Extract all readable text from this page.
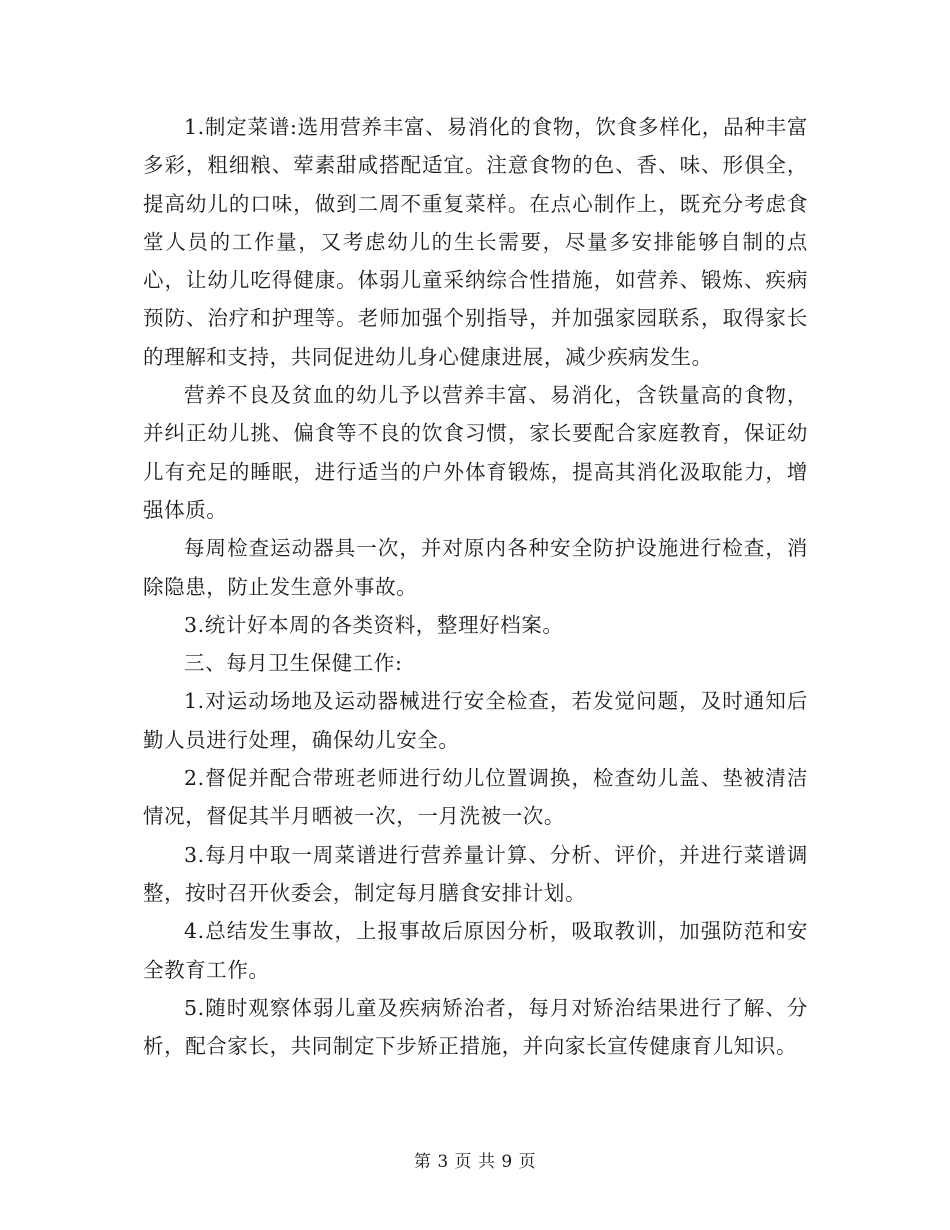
1.制定菜谱:选用营养丰富、易消化的食物，饮食多样化，品种丰富多彩，粗细粮、荤素甜咸搭配适宜。注意食物的色、香、味、形俱全，提高幼儿的口味，做到二周不重复菜样。在点心制作上，既充分考虑食堂人员的工作量，又考虑幼儿的生长需要，尽量多安排能够自制的点心，让幼儿吃得健康。体弱儿童采纳综合性措施，如营养、锻炼、疾病预防、治疗和护理等。老师加强个别指导，并加强家园联系，取得家长的理解和支持，共同促进幼儿身心健康进展，减少疾病发生。

营养不良及贫血的幼儿予以营养丰富、易消化，含铁量高的食物，并纠正幼儿挑、偏食等不良的饮食习惯，家长要配合家庭教育，保证幼儿有充足的睡眠，进行适当的户外体育锻炼，提高其消化汲取能力，增强体质。

每周检查运动器具一次，并对原内各种安全防护设施进行检查，消除隐患，防止发生意外事故。

3.统计好本周的各类资料，整理好档案。

三、每月卫生保健工作:

1.对运动场地及运动器械进行安全检查，若发觉问题，及时通知后勤人员进行处理，确保幼儿安全。

2.督促并配合带班老师进行幼儿位置调换，检查幼儿盖、垫被清洁情况，督促其半月晒被一次，一月洗被一次。

3.每月中取一周菜谱进行营养量计算、分析、评价，并进行菜谱调整，按时召开伙委会，制定每月膳食安排计划。

4.总结发生事故，上报事故后原因分析，吸取教训，加强防范和安全教育工作。

5.随时观察体弱儿童及疾病矫治者，每月对矫治结果进行了解、分析，配合家长，共同制定下步矫正措施，并向家长宣传健康育儿知识。

第 3 页 共 9 页
